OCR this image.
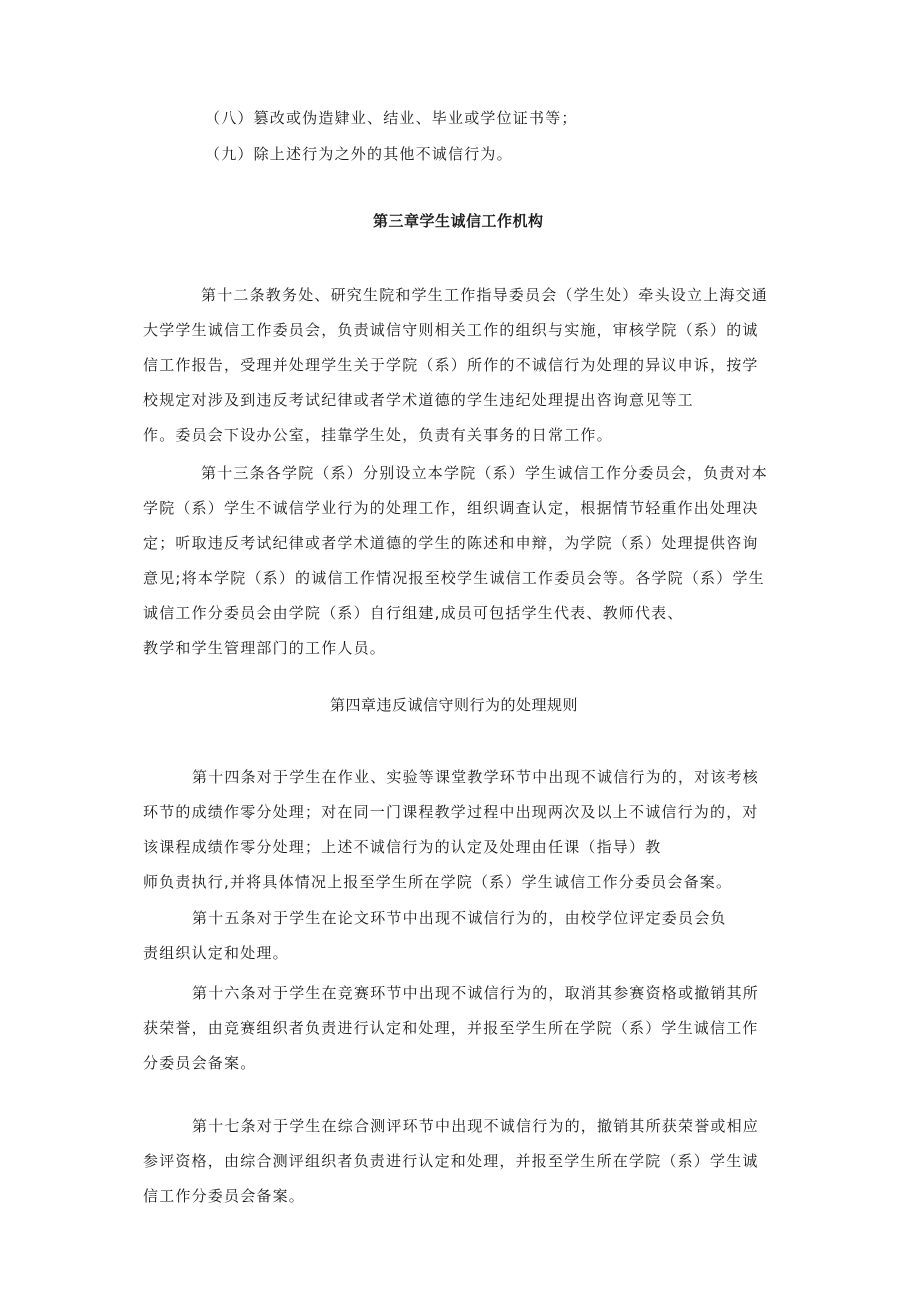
（八）篡改或伪造肄业、结业、毕业或学位证书等；
（九）除上述行为之外的其他不诚信行为。
第三章学生诚信工作机构
第十二条教务处、研究生院和学生工作指导委员会（学生处）牵头设立上海交通
大学学生诚信工作委员会，负责诚信守则相关工作的组织与实施，审核学院（系）的诚
信工作报告，受理并处理学生关于学院（系）所作的不诚信行为处理的异议申诉，按学
校规定对涉及到违反考试纪律或者学术道德的学生违纪处理提出咨询意见等工
作。委员会下设办公室，挂靠学生处，负责有关事务的日常工作。
第十三条各学院（系）分别设立本学院（系）学生诚信工作分委员会，负责对本
学院（系）学生不诚信学业行为的处理工作，组织调查认定，根据情节轻重作出处理决
定；听取违反考试纪律或者学术道德的学生的陈述和申辩，为学院（系）处理提供咨询
意见;将本学院（系）的诚信工作情况报至校学生诚信工作委员会等。各学院（系）学生
诚信工作分委员会由学院（系）自行组建,成员可包括学生代表、教师代表、
教学和学生管理部门的工作人员。
第四章违反诚信守则行为的处理规则
第十四条对于学生在作业、实验等课堂教学环节中出现不诚信行为的，对该考核
环节的成绩作零分处理；对在同一门课程教学过程中出现两次及以上不诚信行为的，对
该课程成绩作零分处理；上述不诚信行为的认定及处理由任课（指导）教
师负责执行,并将具体情况上报至学生所在学院（系）学生诚信工作分委员会备案。
第十五条对于学生在论文环节中出现不诚信行为的，由校学位评定委员会负
责组织认定和处理。
第十六条对于学生在竞赛环节中出现不诚信行为的，取消其参赛资格或撤销其所
获荣誉，由竞赛组织者负责进行认定和处理，并报至学生所在学院（系）学生诚信工作
分委员会备案。
第十七条对于学生在综合测评环节中出现不诚信行为的，撤销其所获荣誉或相应
参评资格，由综合测评组织者负责进行认定和处理，并报至学生所在学院（系）学生诚
信工作分委员会备案。
